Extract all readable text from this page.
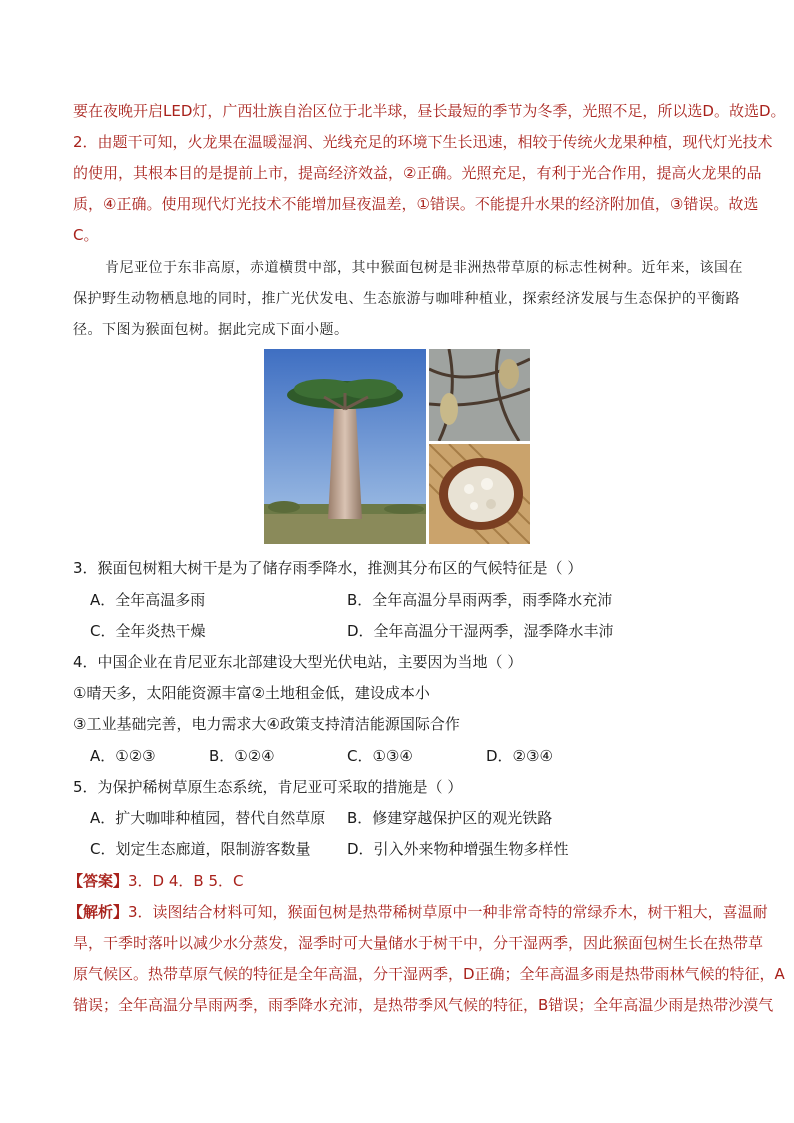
要在夜晚开启LED灯，广西壮族自治区位于北半球，昼长最短的季节为冬季，光照不足，所以选D。故选D。
2．由题干可知，火龙果在温暖湿润、光线充足的环境下生长迅速，相较于传统火龙果种植，现代灯光技术
的使用，其根本目的是提前上市，提高经济效益，②正确。光照充足，有利于光合作用，提高火龙果的品
质，④正确。使用现代灯光技术不能增加昼夜温差，①错误。不能提升水果的经济附加值，③错误。故选
C。
肯尼亚位于东非高原，赤道横贯中部，其中猴面包树是非洲热带草原的标志性树种。近年来，该国在
保护野生动物栖息地的同时，推广光伏发电、生态旅游与咖啡种植业，探索经济发展与生态保护的平衡路
径。下图为猴面包树。据此完成下面小题。
3．猴面包树粗大树干是为了储存雨季降水，推测其分布区的气候特征是（ ）
A．全年高温多雨	B．全年高温分旱雨两季，雨季降水充沛
C．全年炎热干燥	D．全年高温分干湿两季，湿季降水丰沛
4．中国企业在肯尼亚东北部建设大型光伏电站，主要因为当地（ ）
①晴天多，太阳能资源丰富②土地租金低，建设成本小
③工业基础完善，电力需求大④政策支持清洁能源国际合作
A．①②③	B．①②④	C．①③④	D．②③④
5．为保护稀树草原生态系统，肯尼亚可采取的措施是（ ）
A．扩大咖啡种植园，替代自然草原 B．修建穿越保护区的观光铁路
C．划定生态廊道，限制游客数量 D．引入外来物种增强生物多样性
【答案】3．D 4．B 5．C
【解析】3．读图结合材料可知，猴面包树是热带稀树草原中一种非常奇特的常绿乔木，树干粗大，喜温耐
旱，干季时落叶以减少水分蒸发，湿季时可大量储水于树干中，分干湿两季，因此猴面包树生长在热带草
原气候区。热带草原气候的特征是全年高温，分干湿两季，D正确；全年高温多雨是热带雨林气候的特征，A
错误；全年高温分旱雨两季，雨季降水充沛，是热带季风气候的特征，B错误；全年高温少雨是热带沙漠气
